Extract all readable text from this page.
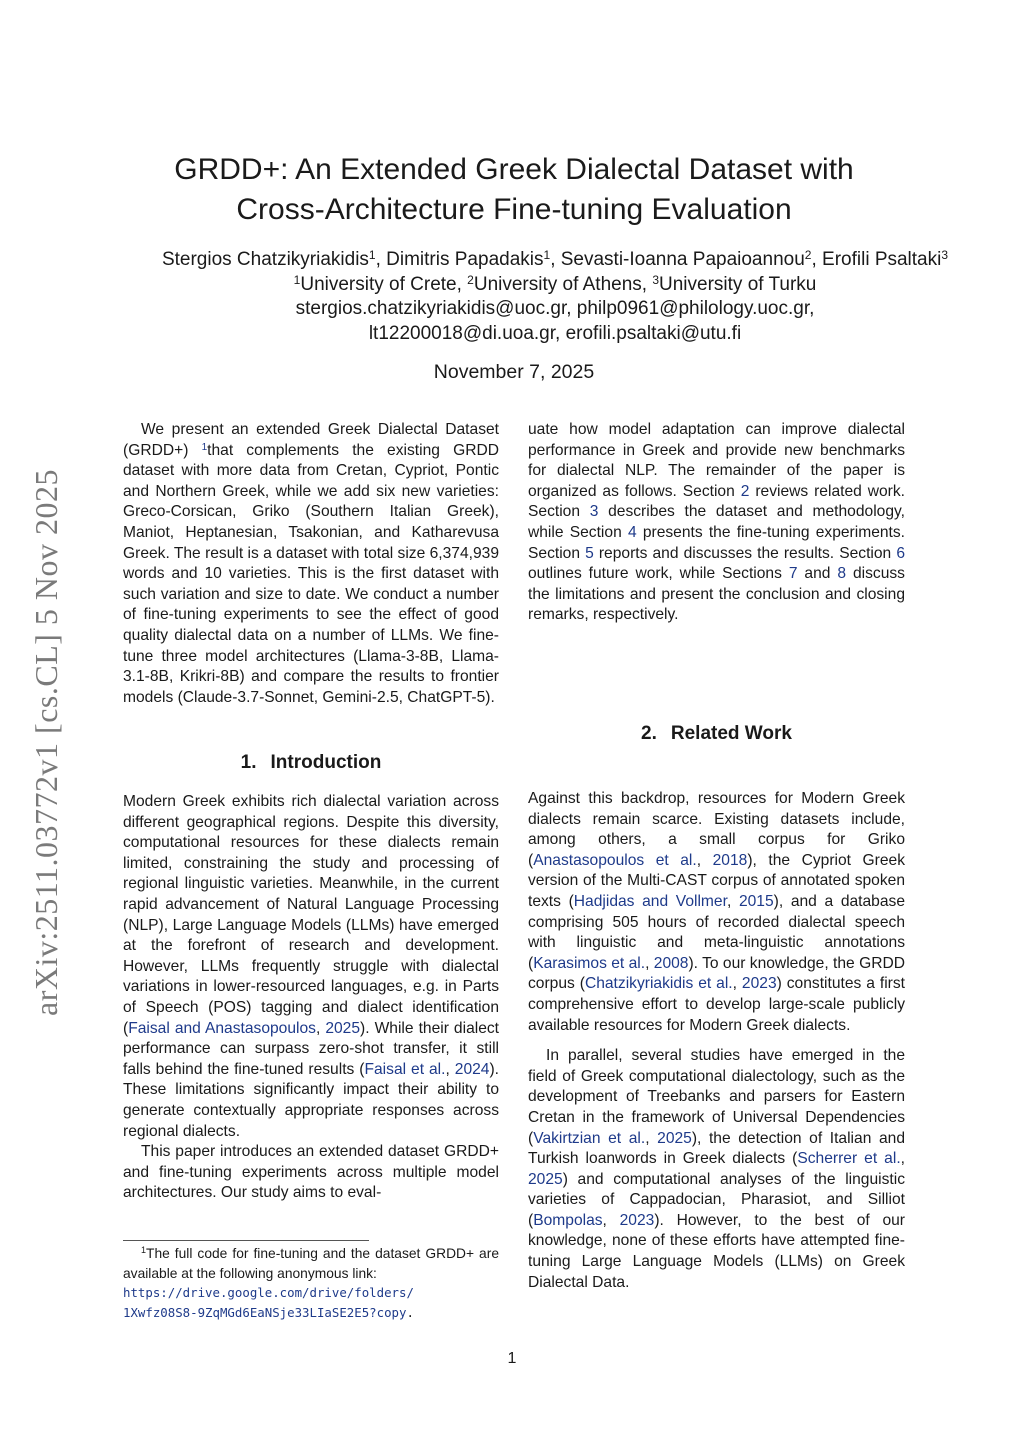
arXiv:2511.03772v1 [cs.CL] 5 Nov 2025
GRDD+: An Extended Greek Dialectal Dataset with
Cross-Architecture Fine-tuning Evaluation
Stergios Chatzikyriakidis$^1$, Dimitris Papadakis$^1$, Sevasti-Ioanna Papaioannou$^2$, Erofili Psaltaki$^3$
$^1$University of Crete, $^2$University of Athens, $^3$University of Turku
stergios.chatzikyriakidis@uoc.gr, philp0961@philology.uoc.gr,
lt12200018@di.uoa.gr, erofili.psaltaki@utu.fi
November 7, 2025

We present an extended Greek Dialectal Dataset (GRDD+) $^1$that complements the existing GRDD dataset with more data from Cretan, Cypriot, Pontic and Northern Greek, while we add six new varieties: Greco-Corsican, Griko (Southern Italian Greek), Maniot, Heptanesian, Tsakonian, and Katharevusa Greek. The result is a dataset with total size 6,374,939 words and 10 varieties. This is the first dataset with such variation and size to date. We conduct a number of fine-tuning experiments to see the effect of good quality dialectal data on a number of LLMs. We fine-tune three model architectures (Llama-3-8B, Llama-3.1-8B, Krikri-8B) and compare the results to frontier models (Claude-3.7-Sonnet, Gemini-2.5, ChatGPT-5).

1. Introduction

Modern Greek exhibits rich dialectal variation across different geographical regions. Despite this diversity, computational resources for these dialects remain limited, constraining the study and processing of regional linguistic varieties. Meanwhile, in the current rapid advancement of Natural Language Processing (NLP), Large Language Models (LLMs) have emerged at the forefront of research and development. However, LLMs frequently struggle with dialectal variations in lower-resourced languages, e.g. in Parts of Speech (POS) tagging and dialect identification (Faisal and Anastasopoulos, 2025). While their dialect performance can surpass zero-shot transfer, it still falls behind the fine-tuned results (Faisal et al., 2024). These limitations significantly impact their ability to generate contextually appropriate responses across regional dialects.

This paper introduces an extended dataset GRDD+ and fine-tuning experiments across multiple model architectures. Our study aims to eval-

uate how model adaptation can improve dialectal performance in Greek and provide new benchmarks for dialectal NLP. The remainder of the paper is organized as follows. Section 2 reviews related work. Section 3 describes the dataset and methodology, while Section 4 presents the fine-tuning experiments. Section 5 reports and discusses the results. Section 6 outlines future work, while Sections 7 and 8 discuss the limitations and present the conclusion and closing remarks, respectively.

2. Related Work

Against this backdrop, resources for Modern Greek dialects remain scarce. Existing datasets include, among others, a small corpus for Griko (Anastasopoulos et al., 2018), the Cypriot Greek version of the Multi-CAST corpus of annotated spoken texts (Hadjidas and Vollmer, 2015), and a database comprising 505 hours of recorded dialectal speech with linguistic and meta-linguistic annotations (Karasimos et al., 2008). To our knowledge, the GRDD corpus (Chatzikyriakidis et al., 2023) constitutes a first comprehensive effort to develop large-scale publicly available resources for Modern Greek dialects.

In parallel, several studies have emerged in the field of Greek computational dialectology, such as the development of Treebanks and parsers for Eastern Cretan in the framework of Universal Dependencies (Vakirtzian et al., 2025), the detection of Italian and Turkish loanwords in Greek dialects (Scherrer et al., 2025) and computational analyses of the linguistic varieties of Cappadocian, Pharasiot, and Silliot (Bompolas, 2023). However, to the best of our knowledge, none of these efforts have attempted fine-tuning Large Language Models (LLMs) on Greek Dialectal Data.

$^1$The full code for fine-tuning and the dataset GRDD+ are available at the following anonymous link:
https://drive.google.com/drive/folders/
1Xwfz08S8-9ZqMGd6EaNSje33LIaSE2E5?copy.
1
